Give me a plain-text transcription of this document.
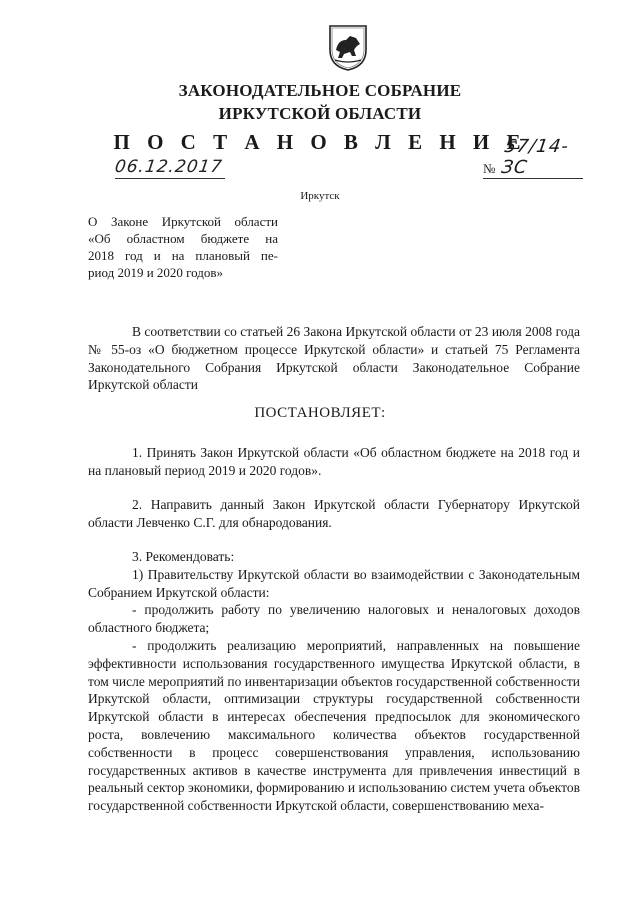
ЗАКОНОДАТЕЛЬНОЕ СОБРАНИЕ
ИРКУТСКОЙ ОБЛАСТИ
П О С Т А Н О В Л Е Н И Е
06.12.2017	№
57/14-ЗС
Иркутск
О Законе Иркутской области
«Об областном бюджете на
2018 год и на плановый пе-
риод 2019 и 2020 годов»

В соответствии со статьей 26 Закона Иркутской области от 23 июля 2008 года № 55-оз «О бюджетном процессе Иркутской области» и статьей 75 Регламента Законодательного Собрания Иркутской области Законодательное Собрание Иркутской области

ПОСТАНОВЛЯЕТ:

1. Принять Закон Иркутской области «Об областном бюджете на 2018 год и на плановый период 2019 и 2020 годов».

2. Направить данный Закон Иркутской области Губернатору Иркутской области Левченко С.Г. для обнародования.

3. Рекомендовать:

1) Правительству Иркутской области во взаимодействии с Законодательным Собранием Иркутской области:

- продолжить работу по увеличению налоговых и неналоговых доходов областного бюджета;

- продолжить реализацию мероприятий, направленных на повышение эффективности использования государственного имущества Иркутской области, в том числе мероприятий по инвентаризации объектов государственной собственности Иркутской области, оптимизации структуры государственной собственности Иркутской области в интересах обеспечения предпосылок для экономического роста, вовлечению максимального количества объектов государственной собственности в процесс совершенствования управления, использованию государственных активов в качестве инструмента для привлечения инвестиций в реальный сектор экономики, формированию и использованию систем учета объектов государственной собственности Иркутской области, совершенствованию меха-
